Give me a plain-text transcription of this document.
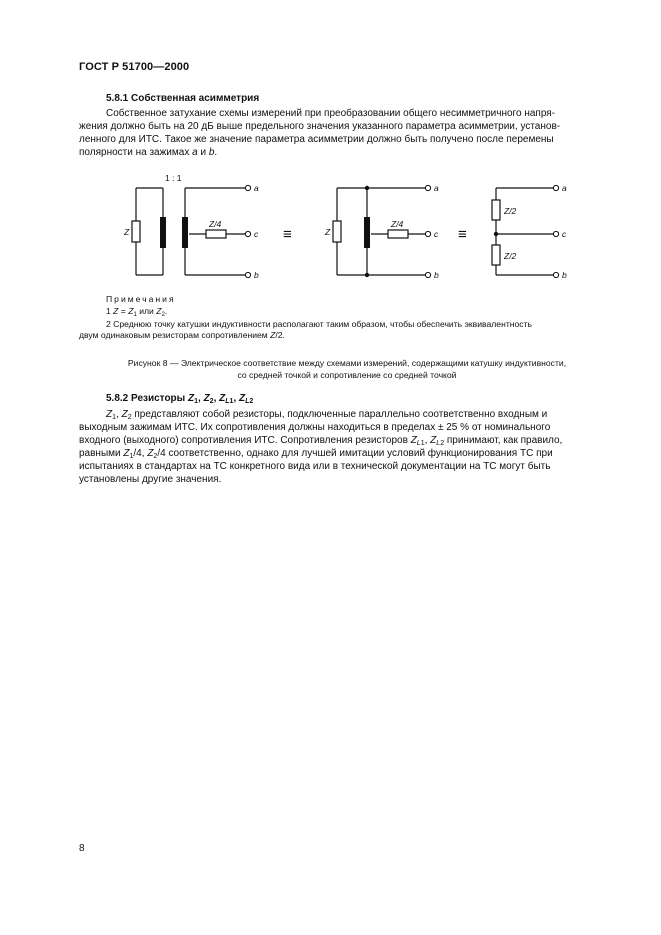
ГОСТ Р 51700—2000
5.8.1 Собственная асимметрия
Собственное затухание схемы измерений при преобразовании общего несимметричного напря-
жения должно быть на 20 дБ выше предельного значения указанного параметра асимметрии, установ-
ленного для ИТС. Такое же значение параметра асимметрии должно быть получено после перемены
полярности на зажимах a и b.
1 : 1
a
c
b
a
c
b
a
c
b
Z	Z
Z/4	Z/4
Z/2
Z/2
≡	≡
Примечания
1 $Z = Z_1$ или $Z_2$.
2 Среднюю точку катушки индуктивности располагают таким образом, чтобы обеспечить эквивалентность
двум одинаковым резисторам сопротивлением Z/2.
Рисунок 8 — Электрическое соответствие между схемами измерений, содержащими катушку индуктивности,
со средней точкой и сопротивление со средней точкой
5.8.2 Резисторы $Z_1$, $Z_2$, $Z_{L1}$, $Z_{L2}$
$Z_1$, $Z_2$ представляют собой резисторы, подключенные параллельно соответственно входным и
выходным зажимам ИТС. Их сопротивления должны находиться в пределах ± 25 % от номинального
входного (выходного) сопротивления ИТС. Сопротивления резисторов $Z_{L1}$, $Z_{L2}$ принимают, как правило,
равными $Z_1/4$, $Z_2/4$ соответственно, однако для лучшей имитации условий функционирования ТС при
испытаниях в стандартах на ТС конкретного вида или в технической документации на ТС могут быть
установлены другие значения.
8
